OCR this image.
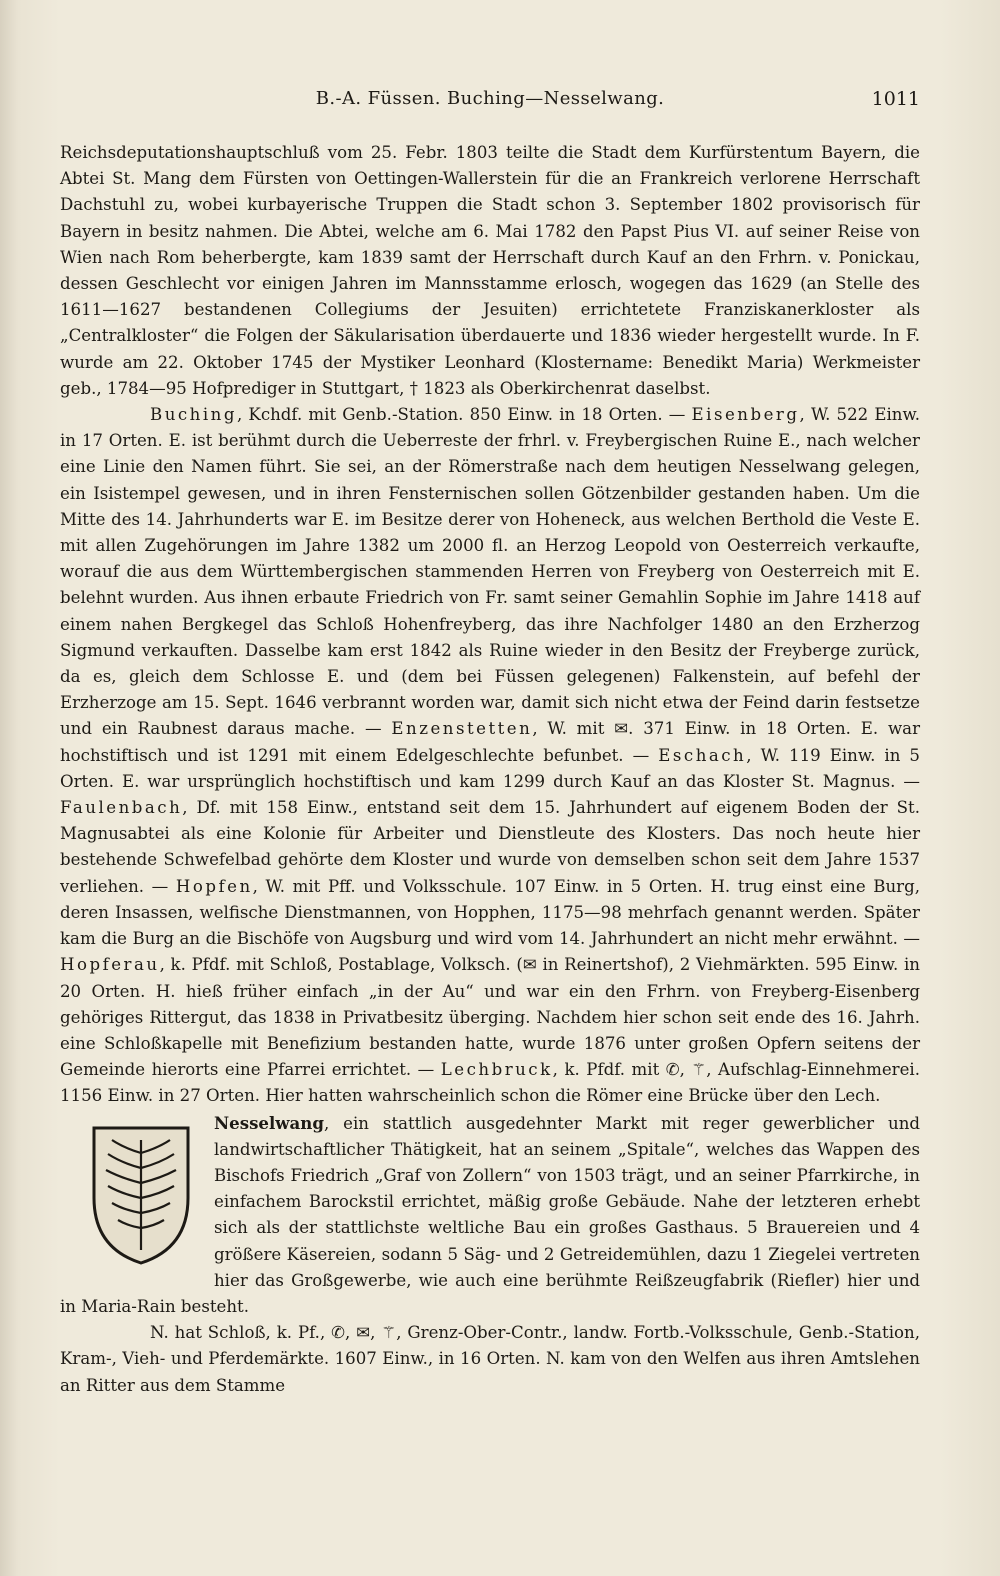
B.-A. Füssen. Buching—Nesselwang.	1011

Reichsdeputationshauptschluß vom 25. Febr. 1803 teilte die Stadt dem Kurfürstentum Bayern, die Abtei St. Mang dem Fürsten von Oettingen-Wallerstein für die an Frankreich verlorene Herrschaft Dachstuhl zu, wobei kurbayerische Truppen die Stadt schon 3. September 1802 provisorisch für Bayern in besitz nahmen. Die Abtei, welche am 6. Mai 1782 den Papst Pius VI. auf seiner Reise von Wien nach Rom beherbergte, kam 1839 samt der Herrschaft durch Kauf an den Frhrn. v. Ponickau, dessen Geschlecht vor einigen Jahren im Mannsstamme erlosch, wogegen das 1629 (an Stelle des 1611—1627 bestandenen Collegiums der Jesuiten) errichtetete Franziskanerkloster als „Centralkloster“ die Folgen der Säkularisation überdauerte und 1836 wieder hergestellt wurde. In F. wurde am 22. Oktober 1745 der Mystiker Leonhard (Klostername: Benedikt Maria) Werkmeister geb., 1784—95 Hofprediger in Stuttgart, † 1823 als Oberkirchenrat daselbst.

Buching, Kchdf. mit Genb.-Station. 850 Einw. in 18 Orten. — Eisenberg, W. 522 Einw. in 17 Orten. E. ist berühmt durch die Ueberreste der frhrl. v. Freybergischen Ruine E., nach welcher eine Linie den Namen führt. Sie sei, an der Römerstraße nach dem heutigen Nesselwang gelegen, ein Isistempel gewesen, und in ihren Fensternischen sollen Götzenbilder gestanden haben. Um die Mitte des 14. Jahrhunderts war E. im Besitze derer von Hoheneck, aus welchen Berthold die Veste E. mit allen Zugehörungen im Jahre 1382 um 2000 fl. an Herzog Leopold von Oesterreich verkaufte, worauf die aus dem Württembergischen stammenden Herren von Freyberg von Oesterreich mit E. belehnt wurden. Aus ihnen erbaute Friedrich von Fr. samt seiner Gemahlin Sophie im Jahre 1418 auf einem nahen Bergkegel das Schloß Hohenfreyberg, das ihre Nachfolger 1480 an den Erzherzog Sigmund verkauften. Dasselbe kam erst 1842 als Ruine wieder in den Besitz der Freyberge zurück, da es, gleich dem Schlosse E. und (dem bei Füssen gelegenen) Falkenstein, auf befehl der Erzherzoge am 15. Sept. 1646 verbrannt worden war, damit sich nicht etwa der Feind darin festsetze und ein Raubnest daraus mache. — Enzenstetten, W. mit ✉. 371 Einw. in 18 Orten. E. war hochstiftisch und ist 1291 mit einem Edelgeschlechte befunbet. — Eschach, W. 119 Einw. in 5 Orten. E. war ursprünglich hochstiftisch und kam 1299 durch Kauf an das Kloster St. Magnus. — Faulenbach, Df. mit 158 Einw., entstand seit dem 15. Jahrhundert auf eigenem Boden der St. Magnusabtei als eine Kolonie für Arbeiter und Dienstleute des Klosters. Das noch heute hier bestehende Schwefelbad gehörte dem Kloster und wurde von demselben schon seit dem Jahre 1537 verliehen. — Hopfen, W. mit Pff. und Volksschule. 107 Einw. in 5 Orten. H. trug einst eine Burg, deren Insassen, welfische Dienstmannen, von Hopphen, 1175—98 mehrfach genannt werden. Später kam die Burg an die Bischöfe von Augsburg und wird vom 14. Jahrhundert an nicht mehr erwähnt. — Hopferau, k. Pfdf. mit Schloß, Postablage, Volksch. (✉ in Reinertshof), 2 Viehmärkten. 595 Einw. in 20 Orten. H. hieß früher einfach „in der Au“ und war ein den Frhrn. von Freyberg-Eisenberg gehöriges Rittergut, das 1838 in Privatbesitz überging. Nachdem hier schon seit ende des 16. Jahrh. eine Schloßkapelle mit Benefizium bestanden hatte, wurde 1876 unter großen Opfern seitens der Gemeinde hierorts eine Pfarrei errichtet. — Lechbruck, k. Pfdf. mit ✆, ⚚, Aufschlag-Einnehmerei. 1156 Einw. in 27 Orten. Hier hatten wahrscheinlich schon die Römer eine Brücke über den Lech.

Nesselwang, ein stattlich ausgedehnter Markt mit reger gewerblicher und landwirtschaftlicher Thätigkeit, hat an seinem „Spitale“, welches das Wappen des Bischofs Friedrich „Graf von Zollern“ von 1503 trägt, und an seiner Pfarrkirche, in einfachem Barockstil errichtet, mäßig große Gebäude. Nahe der letzteren erhebt sich als der stattlichste weltliche Bau ein großes Gasthaus. 5 Brauereien und 4 größere Käsereien, sodann 5 Säg- und 2 Getreidemühlen, dazu 1 Ziegelei vertreten hier das Großgewerbe, wie auch eine berühmte Reißzeugfabrik (Riefler) hier und in Maria-Rain besteht.

N. hat Schloß, k. Pf., ✆, ✉, ⚚, Grenz-Ober-Contr., landw. Fortb.-Volksschule, Genb.-Station, Kram-, Vieh- und Pferdemärkte. 1607 Einw., in 16 Orten. N. kam von den Welfen aus ihren Amtslehen an Ritter aus dem Stamme
